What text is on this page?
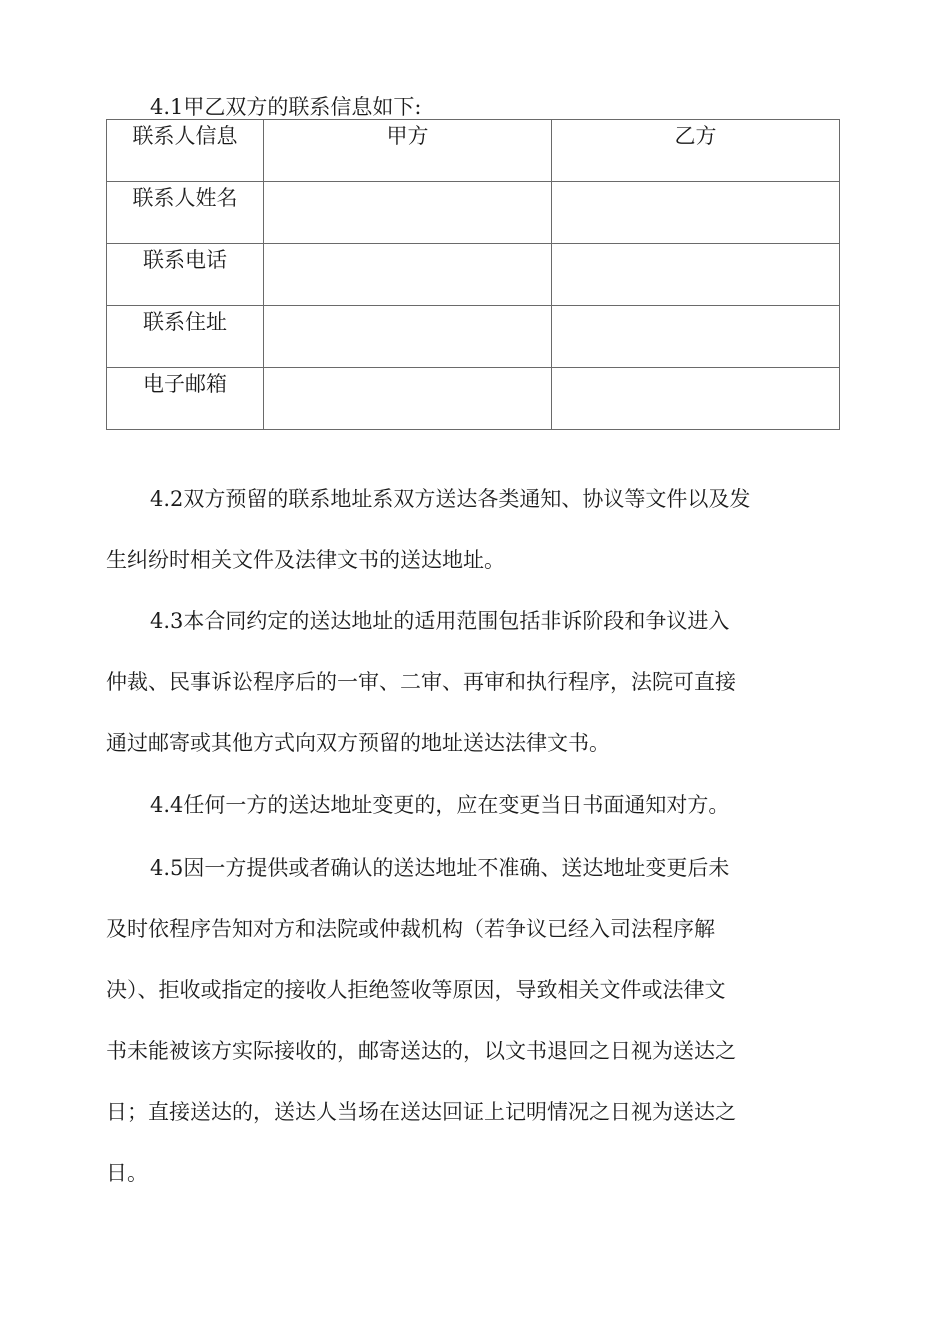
4.1甲乙双方的联系信息如下:
联系人信息	甲方	乙方

联系人姓名		

联系电话		

联系住址		

电子邮箱		

4.2双方预留的联系地址系双方送达各类通知、协议等文件以及发
生纠纷时相关文件及法律文书的送达地址。
4.3本合同约定的送达地址的适用范围包括非诉阶段和争议进入
仲裁、民事诉讼程序后的一审、二审、再审和执行程序，法院可直接
通过邮寄或其他方式向双方预留的地址送达法律文书。
4.4任何一方的送达地址变更的，应在变更当日书面通知对方。
4.5因一方提供或者确认的送达地址不准确、送达地址变更后未
及时依程序告知对方和法院或仲裁机构（若争议已经入司法程序解
决）、拒收或指定的接收人拒绝签收等原因，导致相关文件或法律文
书未能被该方实际接收的，邮寄送达的，以文书退回之日视为送达之
日；直接送达的，送达人当场在送达回证上记明情况之日视为送达之
日。
